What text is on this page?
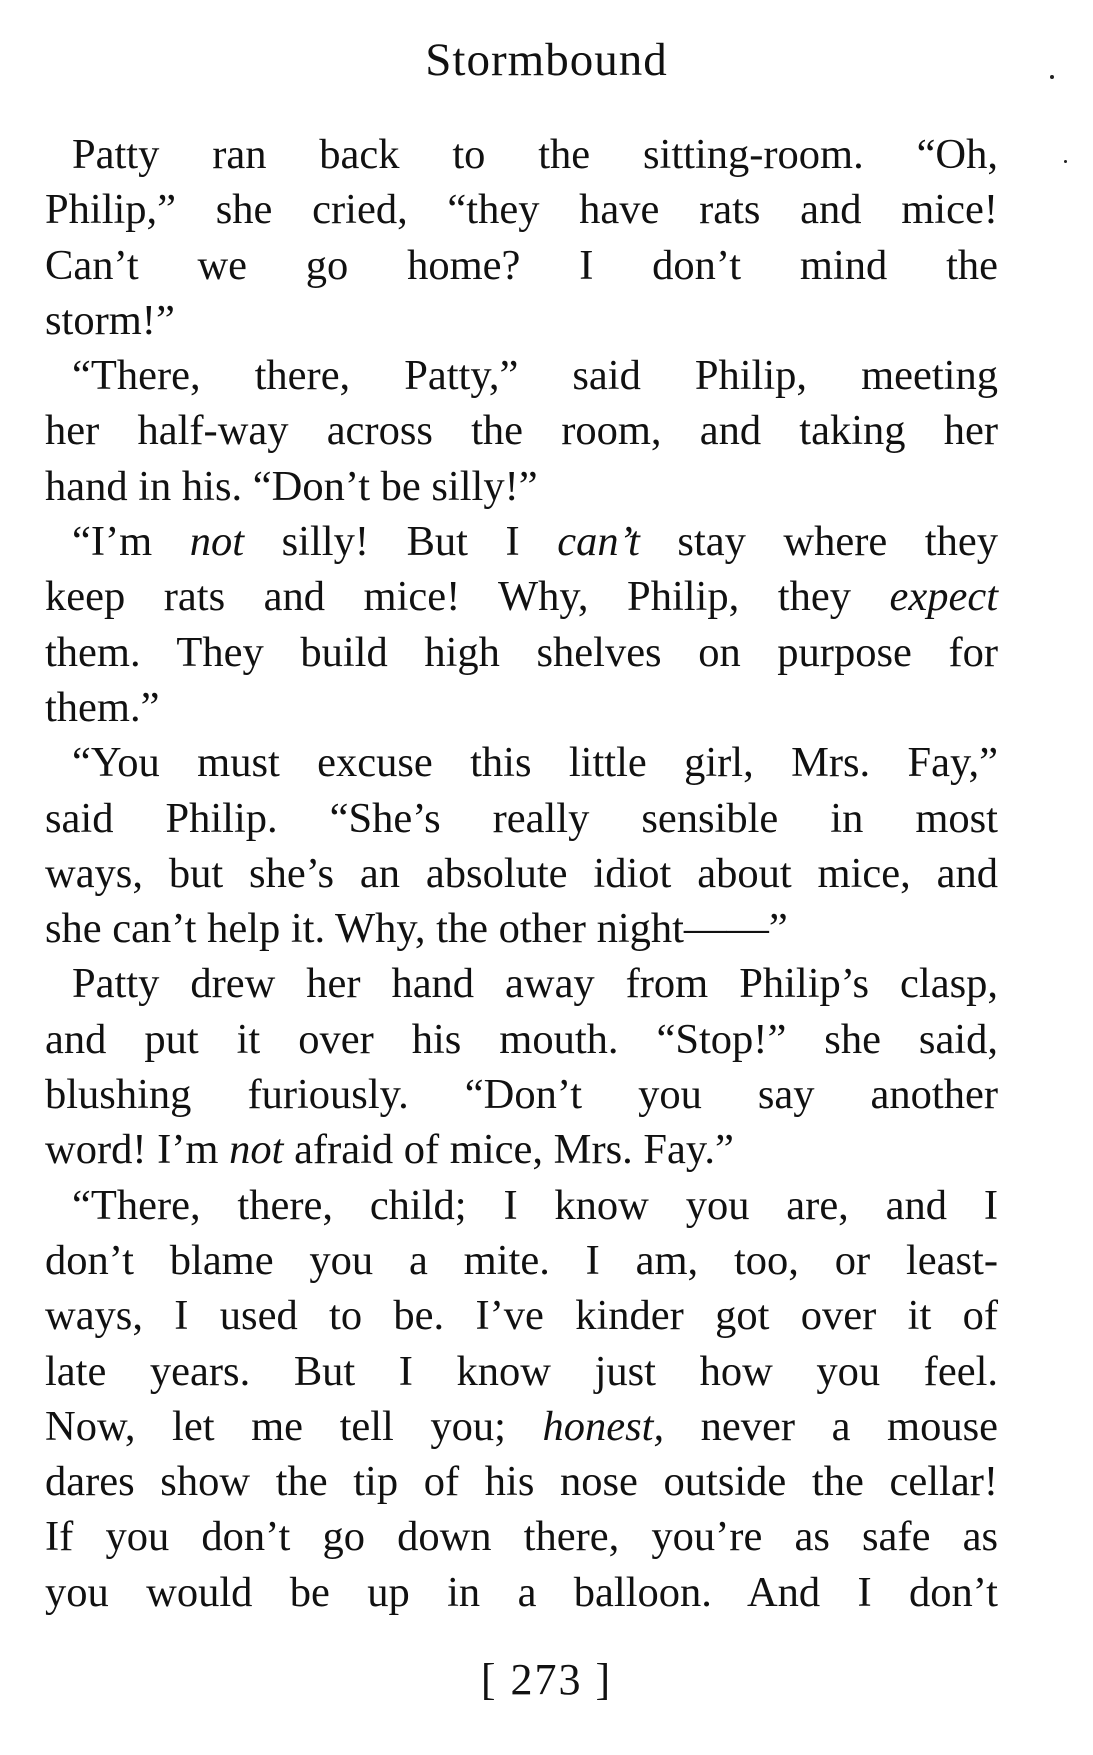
Stormbound
Patty ran back to the sitting-room. “Oh,
Philip,” she cried, “they have rats and mice!
Can’t we go home? I don’t mind the
storm!”
“There, there, Patty,” said Philip, meeting
her half-way across the room, and taking her
hand in his. “Don’t be silly!”
“I’m not silly! But I can’t stay where they
keep rats and mice! Why, Philip, they expect
them. They build high shelves on purpose for
them.”
“You must excuse this little girl, Mrs. Fay,”
said Philip. “She’s really sensible in most
ways, but she’s an absolute idiot about mice, and
she can’t help it. Why, the other night——”
Patty drew her hand away from Philip’s clasp,
and put it over his mouth. “Stop!” she said,
blushing furiously. “Don’t you say another
word! I’m not afraid of mice, Mrs. Fay.”
“There, there, child; I know you are, and I
don’t blame you a mite. I am, too, or least-
ways, I used to be. I’ve kinder got over it of
late years. But I know just how you feel.
Now, let me tell you; honest, never a mouse
dares show the tip of his nose outside the cellar!
If you don’t go down there, you’re as safe as
you would be up in a balloon. And I don’t
[ 273 ]
